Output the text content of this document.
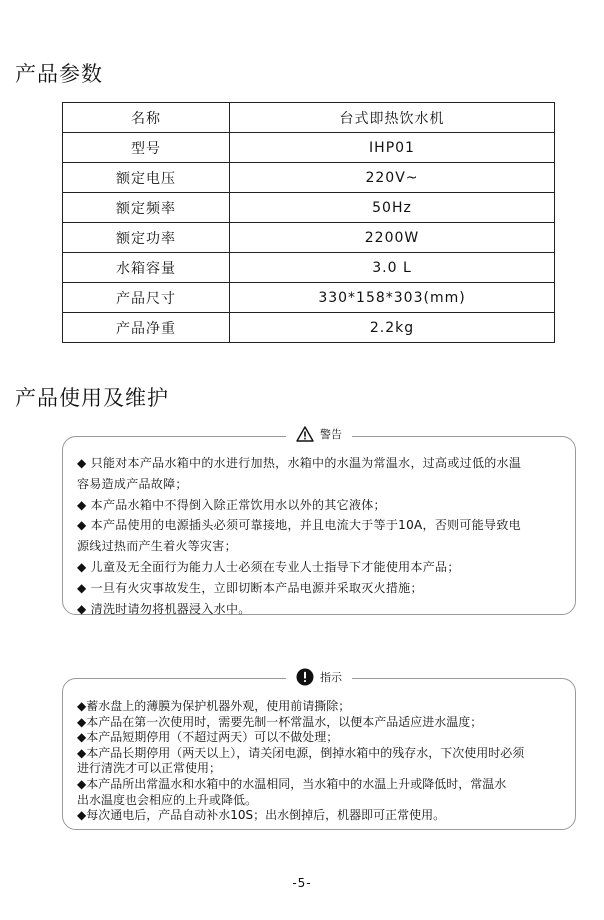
产品参数
名称	台式即热饮水机
型号	IHP01
额定电压	220V~
额定频率	50Hz
额定功率	2200W
水箱容量	3.0 L
产品尺寸	330*158*303(mm)
产品净重	2.2kg
产品使用及维护
警告

◆ 只能对本产品水箱中的水进行加热，水箱中的水温为常温水，过高或过低的水温

容易造成产品故障；

◆ 本产品水箱中不得倒入除正常饮用水以外的其它液体；

◆ 本产品使用的电源插头必须可靠接地，并且电流大于等于10A，否则可能导致电

源线过热而产生着火等灾害；

◆ 儿童及无全面行为能力人士必须在专业人士指导下才能使用本产品；

◆ 一旦有火灾事故发生，立即切断本产品电源并采取灭火措施；

◆ 清洗时请勿将机器浸入水中。

指示

◆蓄水盘上的薄膜为保护机器外观，使用前请撕除；

◆本产品在第一次使用时，需要先制一杯常温水，以便本产品适应进水温度；

◆本产品短期停用（不超过两天）可以不做处理；

◆本产品长期停用（两天以上），请关闭电源，倒掉水箱中的残存水，下次使用时必须

进行清洗才可以正常使用；

◆本产品所出常温水和水箱中的水温相同，当水箱中的水温上升或降低时，常温水

出水温度也会相应的上升或降低。

◆每次通电后，产品自动补水10S；出水倒掉后，机器即可正常使用。

-5-
